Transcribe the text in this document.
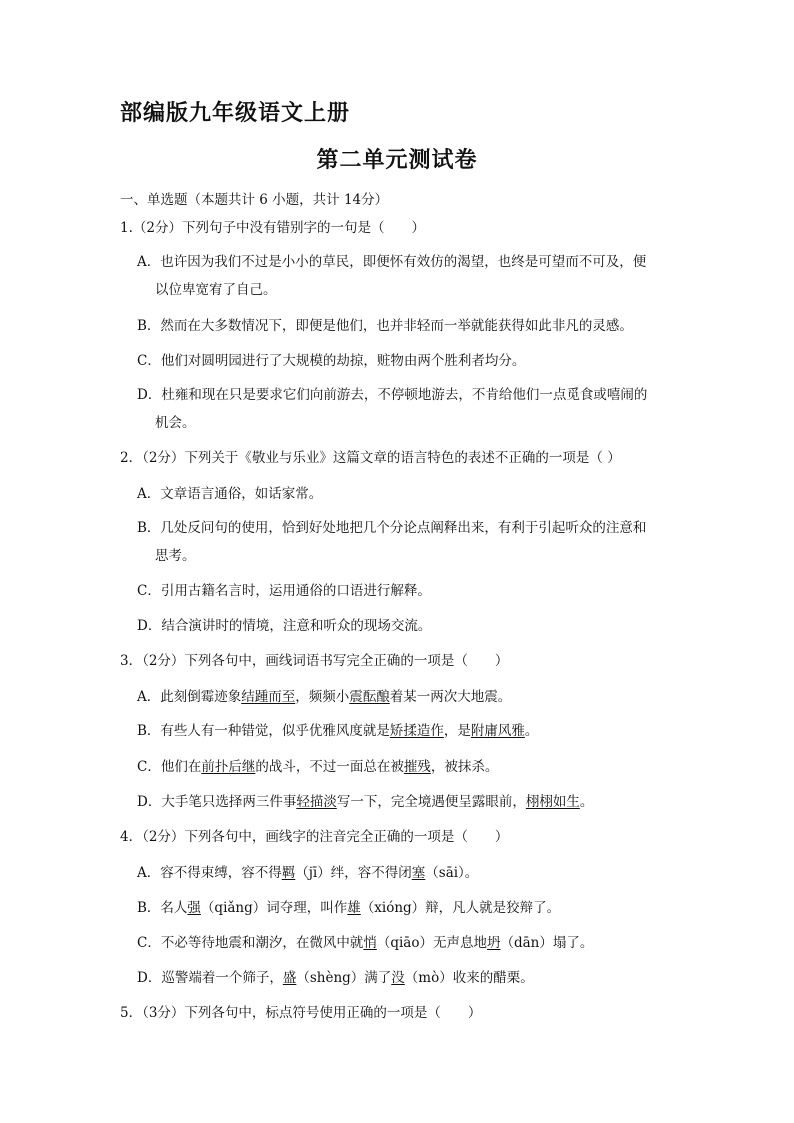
部编版九年级语文上册
第二单元测试卷
一、单选题（本题共计 6 小题，共计 14分）
1.（2分）下列句子中没有错别字的一句是（　　）
A．也许因为我们不过是小小的草民，即便怀有效仿的渴望，也终是可望而不可及，便
以位卑宽宥了自己。
B．然而在大多数情况下，即便是他们，也并非轻而一举就能获得如此非凡的灵感。
C．他们对圆明园进行了大规模的劫掠，赃物由两个胜利者均分。
D．杜雍和现在只是要求它们向前游去，不停顿地游去，不肯给他们一点觅食或嘻闹的
机会。
2．（2分）下列关于《敬业与乐业》这篇文章的语言特色的表述不正确的一项是（ ）
A．文章语言通俗，如话家常。
B．几处反问句的使用，恰到好处地把几个分论点阐释出来，有利于引起听众的注意和
思考。
C．引用古籍名言时，运用通俗的口语进行解释。
D．结合演讲时的情境，注意和听众的现场交流。
3．（2分）下列各句中，画线词语书写完全正确的一项是（　　）
A．此刻倒霉迹象结踵而至，频频小震酝酿着某一两次大地震。
B．有些人有一种错觉，似乎优雅风度就是矫揉造作，是附庸风雅。
C．他们在前扑后继的战斗，不过一面总在被摧残，被抹杀。
D．大手笔只选择两三件事轻描淡写一下，完全境遇便呈露眼前，栩栩如生。
4．（2分）下列各句中，画线字的注音完全正确的一项是（　　）
A．容不得束缚，容不得羁（jī）绊，容不得闭塞（sāi）。
B．名人强（qiǎng）词夺理，叫作雄（xióng）辩，凡人就是狡辩了。
C．不必等待地震和潮汐，在微风中就悄（qiāo）无声息地坍（dān）塌了。
D．巡警端着一个筛子，盛（shèng）满了没（mò）收来的醋栗。
5．（3分）下列各句中，标点符号使用正确的一项是（　　）
